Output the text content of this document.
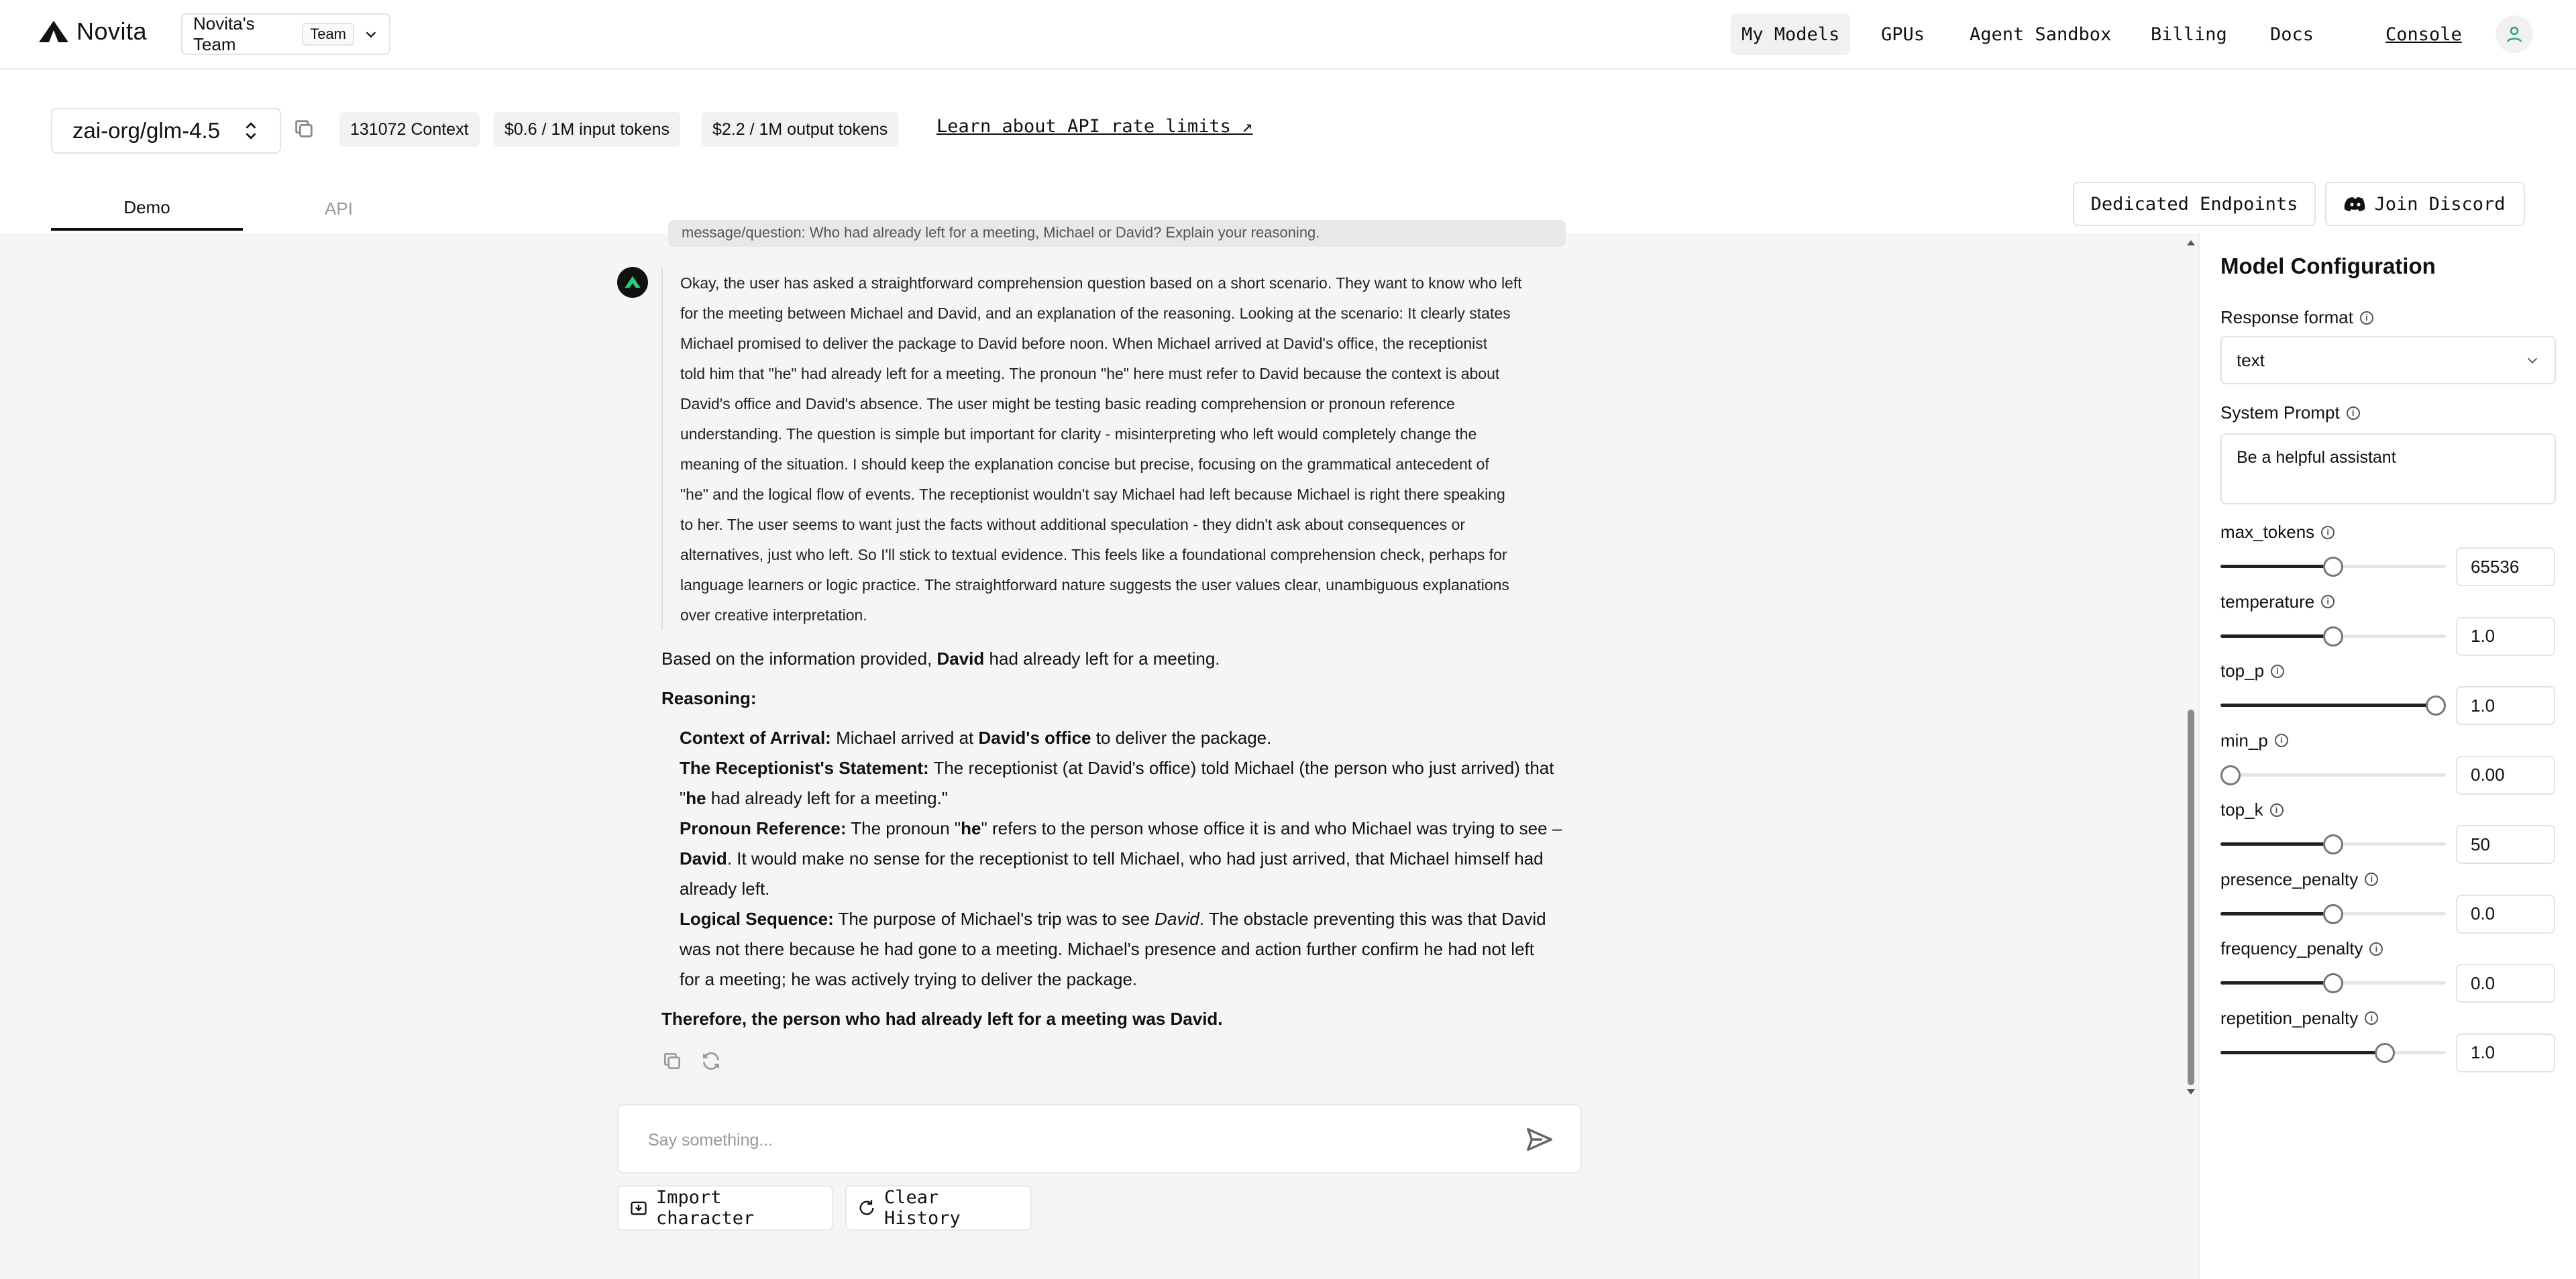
Novita	Novita's Team
Team	My Models	GPUs	Agent Sandbox	Billing	Docs	Console
zai-org/glm-4.5	131072 Context	$0.6 / 1M input tokens	$2.2 / 1M output tokens	Learn about API rate limits ↗
Demo	API	Dedicated Endpoints	Join Discord
message/question: Who had already left for a meeting, Michael or David? Explain your reasoning.
Okay, the user has asked a straightforward comprehension question based on a short scenario. They want to know who left
for the meeting between Michael and David, and an explanation of the reasoning. Looking at the scenario: It clearly states
Michael promised to deliver the package to David before noon. When Michael arrived at David's office, the receptionist
told him that "he" had already left for a meeting. The pronoun "he" here must refer to David because the context is about
David's office and David's absence. The user might be testing basic reading comprehension or pronoun reference
understanding. The question is simple but important for clarity - misinterpreting who left would completely change the
meaning of the situation. I should keep the explanation concise but precise, focusing on the grammatical antecedent of
"he" and the logical flow of events. The receptionist wouldn't say Michael had left because Michael is right there speaking
to her. The user seems to want just the facts without additional speculation - they didn't ask about consequences or
alternatives, just who left. So I'll stick to textual evidence. This feels like a foundational comprehension check, perhaps for
language learners or logic practice. The straightforward nature suggests the user values clear, unambiguous explanations
over creative interpretation.
Based on the information provided, David had already left for a meeting.
Reasoning:
Context of Arrival: Michael arrived at David's office to deliver the package.
The Receptionist's Statement: The receptionist (at David's office) told Michael (the person who just arrived) that
"he had already left for a meeting."
Pronoun Reference: The pronoun "he" refers to the person whose office it is and who Michael was trying to see –
David. It would make no sense for the receptionist to tell Michael, who had just arrived, that Michael himself had
already left.
Logical Sequence: The purpose of Michael's trip was to see David. The obstacle preventing this was that David
was not there because he had gone to a meeting. Michael's presence and action further confirm he had not left
for a meeting; he was actively trying to deliver the package.
Therefore, the person who had already left for a meeting was David.
Say something...
Import character
Clear History
Model Configuration
Response format	i
text
System Prompt	i
Be a helpful assistant
max_tokens	i
65536
temperature	i
1.0
top_p	i
1.0
min_p	i
0.00
top_k	i
50
presence_penalty	i
0.0
frequency_penalty	i
0.0
repetition_penalty	i
1.0
